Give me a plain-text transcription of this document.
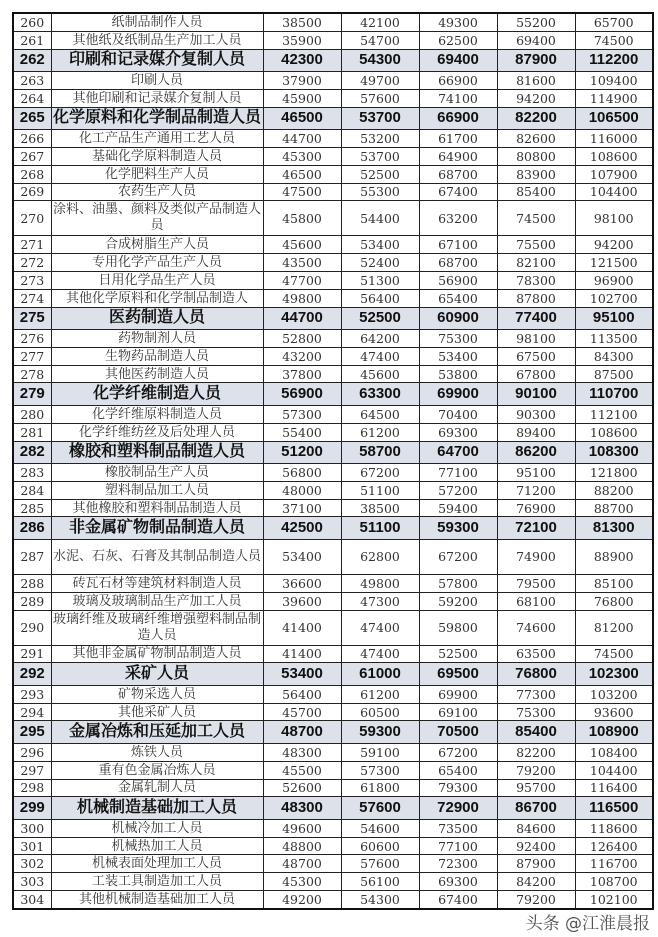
260	纸制品制作人员	38500	42100	49300	55200	65700
261	其他纸及纸制品生产加工人员	35900	54700	62500	69400	74500
262	印刷和记录媒介复制人员	42300	54300	69400	87900	112200
263	印刷人员	37900	49700	66900	81600	109400
264	其他印刷和记录媒介复制人员	45900	57600	74100	94200	114900
265	化学原料和化学制品制造人员	46500	53700	66900	82200	106500
266	化工产品生产通用工艺人员	44700	53200	61700	82600	116000
267	基础化学原料制造人员	45300	53700	64900	80800	108600
268	化学肥料生产人员	46500	52500	68700	83900	107900
269	农药生产人员	47500	55300	67400	85400	104400
270	涂料、油墨、颜料及类似产品制造人员	45800	54400	63200	74500	98100
271	合成树脂生产人员	45600	53400	67100	75500	94200
272	专用化学产品生产人员	43500	52400	68700	82100	121500
273	日用化学品生产人员	47700	51300	56900	78300	96900
274	其他化学原料和化学制品制造人	49800	56400	65400	87800	102700
275	医药制造人员	44700	52500	60900	77400	95100
276	药物制剂人员	52800	64200	75300	98100	113500
277	生物药品制造人员	43200	47400	53400	67500	84300
278	其他医药制造人员	37800	45600	53800	67800	87500
279	化学纤维制造人员	56900	63300	69900	90100	110700
280	化学纤维原料制造人员	57300	64500	70400	90300	112100
281	化学纤维纺丝及后处理人员	55400	61200	69300	89400	108600
282	橡胶和塑料制品制造人员	51200	58700	64700	86200	108300
283	橡胶制品生产人员	56800	67200	77100	95100	121800
284	塑料制品加工人员	48000	51100	57200	71200	88200
285	其他橡胶和塑料制品制造人员	37100	38500	59400	76900	88700
286	非金属矿物制品制造人员	42500	51100	59300	72100	81300
287	水泥、石灰、石膏及其制品制造人员	53400	62800	67200	74900	88900
288	砖瓦石材等建筑材料制造人员	36600	49800	57800	79500	85100
289	玻璃及玻璃制品生产加工人员	39600	47300	59200	68100	76800
290	玻璃纤维及玻璃纤维增强塑料制品制造人员	41400	47400	59800	74600	81200
291	其他非金属矿物制品制造人员	41400	47400	52500	63500	74500
292	采矿人员	53400	61000	69500	76800	102300
293	矿物采选人员	56400	61200	69900	77300	103200
294	其他采矿人员	45700	60500	69100	75300	93600
295	金属冶炼和压延加工人员	48700	59300	70500	85400	108900
296	炼铁人员	48300	59100	67200	82200	108400
297	重有色金属冶炼人员	45500	57300	65400	79200	104400
298	金属轧制人员	52600	61800	79300	95700	116400
299	机械制造基础加工人员	48300	57600	72900	86700	116500
300	机械冷加工人员	49600	54600	73500	84600	118600
301	机械热加工人员	48800	60600	77100	92400	126400
302	机械表面处理加工人员	48700	57600	72300	87900	116700
303	工装工具制造加工人员	45300	56100	69300	84200	108700
304	其他机械制造基础加工人员	49200	54300	67400	79200	102100
头条 @江淮晨报
